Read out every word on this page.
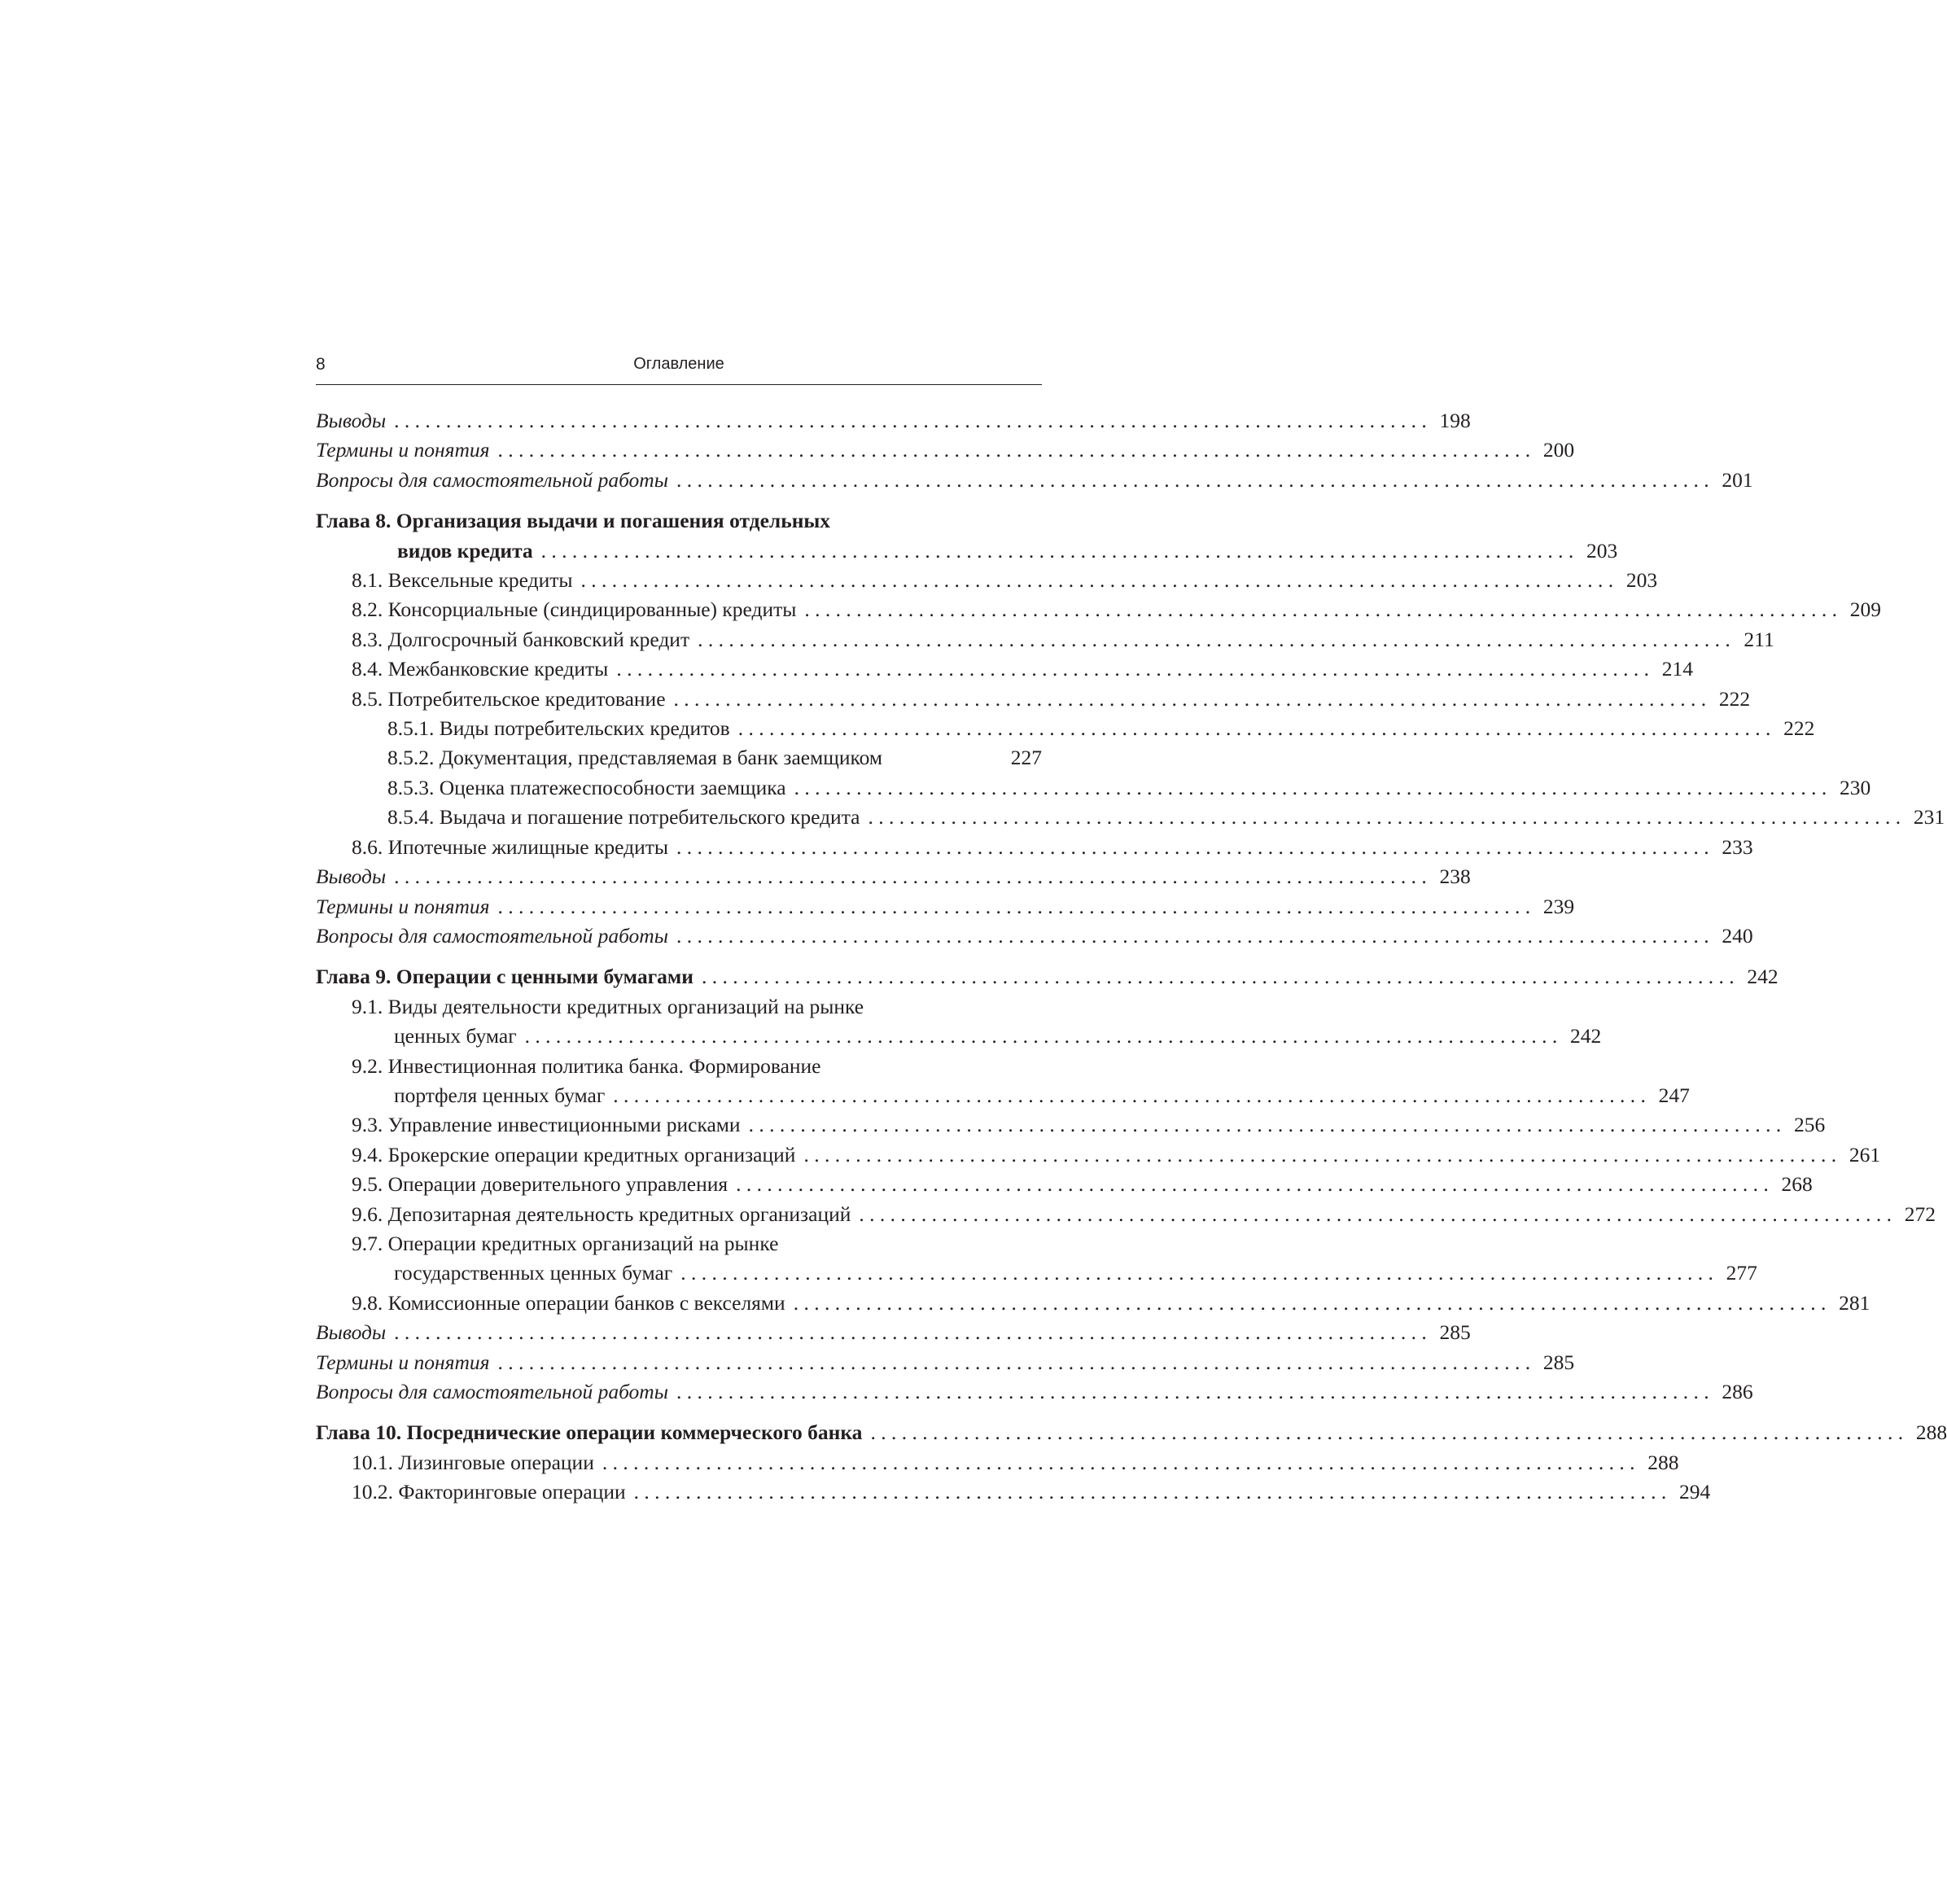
8	Оглавление
Выводы . . . . . . . . . . . . . . . . . . . . . . . . . . . . . . . . . . . . . . . . . . . . . . . . . . . . . . . . . . . . . . . . . . . . . . . . . . . . . . . . . . . . . . . . . . . . . . . . . . . . 198
Термины и понятия . . . . . . . . . . . . . . . . . . . . . . . . . . . . . . . . . . . . . . . . . . . . . . . . . . . . . . . . . . . . . . . . . . . . . . . . . . . . . . . . . . . . . . . . . . . . . . . . . . . . 200
Вопросы для самостоятельной работы . . . . . . . . . . . . . . . . . . . . . . . . . . . . . . . . . . . . . . . . . . . . . . . . . . . . . . . . . . . . . . . . . . . . . . . . . . . . . . . . . . . . . . . . . . . . . . . . . . . . 201
Глава 8. Организация выдачи и погашения отдельных
видов кредита . . . . . . . . . . . . . . . . . . . . . . . . . . . . . . . . . . . . . . . . . . . . . . . . . . . . . . . . . . . . . . . . . . . . . . . . . . . . . . . . . . . . . . . . . . . . . . . . . . . . 203
8.1. Вексельные кредиты . . . . . . . . . . . . . . . . . . . . . . . . . . . . . . . . . . . . . . . . . . . . . . . . . . . . . . . . . . . . . . . . . . . . . . . . . . . . . . . . . . . . . . . . . . . . . . . . . . . . 203
8.2. Консорциальные (синдицированные) кредиты . . . . . . . . . . . . . . . . . . . . . . . . . . . . . . . . . . . . . . . . . . . . . . . . . . . . . . . . . . . . . . . . . . . . . . . . . . . . . . . . . . . . . . . . . . . . . . . . . . . . 209
8.3. Долгосрочный банковский кредит . . . . . . . . . . . . . . . . . . . . . . . . . . . . . . . . . . . . . . . . . . . . . . . . . . . . . . . . . . . . . . . . . . . . . . . . . . . . . . . . . . . . . . . . . . . . . . . . . . . . 211
8.4. Межбанковские кредиты . . . . . . . . . . . . . . . . . . . . . . . . . . . . . . . . . . . . . . . . . . . . . . . . . . . . . . . . . . . . . . . . . . . . . . . . . . . . . . . . . . . . . . . . . . . . . . . . . . . . 214
8.5. Потребительское кредитование . . . . . . . . . . . . . . . . . . . . . . . . . . . . . . . . . . . . . . . . . . . . . . . . . . . . . . . . . . . . . . . . . . . . . . . . . . . . . . . . . . . . . . . . . . . . . . . . . . . . 222
8.5.1. Виды потребительских кредитов . . . . . . . . . . . . . . . . . . . . . . . . . . . . . . . . . . . . . . . . . . . . . . . . . . . . . . . . . . . . . . . . . . . . . . . . . . . . . . . . . . . . . . . . . . . . . . . . . . . . 222
8.5.2. Документация, представляемая в банк заемщиком	227
8.5.3. Оценка платежеспособности заемщика . . . . . . . . . . . . . . . . . . . . . . . . . . . . . . . . . . . . . . . . . . . . . . . . . . . . . . . . . . . . . . . . . . . . . . . . . . . . . . . . . . . . . . . . . . . . . . . . . . . . 230
8.5.4. Выдача и погашение потребительского кредита . . . . . . . . . . . . . . . . . . . . . . . . . . . . . . . . . . . . . . . . . . . . . . . . . . . . . . . . . . . . . . . . . . . . . . . . . . . . . . . . . . . . . . . . . . . . . . . . . . . . 231
8.6. Ипотечные жилищные кредиты . . . . . . . . . . . . . . . . . . . . . . . . . . . . . . . . . . . . . . . . . . . . . . . . . . . . . . . . . . . . . . . . . . . . . . . . . . . . . . . . . . . . . . . . . . . . . . . . . . . . 233
Выводы . . . . . . . . . . . . . . . . . . . . . . . . . . . . . . . . . . . . . . . . . . . . . . . . . . . . . . . . . . . . . . . . . . . . . . . . . . . . . . . . . . . . . . . . . . . . . . . . . . . . 238
Термины и понятия . . . . . . . . . . . . . . . . . . . . . . . . . . . . . . . . . . . . . . . . . . . . . . . . . . . . . . . . . . . . . . . . . . . . . . . . . . . . . . . . . . . . . . . . . . . . . . . . . . . . 239
Вопросы для самостоятельной работы . . . . . . . . . . . . . . . . . . . . . . . . . . . . . . . . . . . . . . . . . . . . . . . . . . . . . . . . . . . . . . . . . . . . . . . . . . . . . . . . . . . . . . . . . . . . . . . . . . . . 240
Глава 9. Операции с ценными бумагами . . . . . . . . . . . . . . . . . . . . . . . . . . . . . . . . . . . . . . . . . . . . . . . . . . . . . . . . . . . . . . . . . . . . . . . . . . . . . . . . . . . . . . . . . . . . . . . . . . . . 242
9.1. Виды деятельности кредитных организаций на рынке
ценных бумаг . . . . . . . . . . . . . . . . . . . . . . . . . . . . . . . . . . . . . . . . . . . . . . . . . . . . . . . . . . . . . . . . . . . . . . . . . . . . . . . . . . . . . . . . . . . . . . . . . . . . 242
9.2. Инвестиционная политика банка. Формирование
портфеля ценных бумаг . . . . . . . . . . . . . . . . . . . . . . . . . . . . . . . . . . . . . . . . . . . . . . . . . . . . . . . . . . . . . . . . . . . . . . . . . . . . . . . . . . . . . . . . . . . . . . . . . . . . 247
9.3. Управление инвестиционными рисками . . . . . . . . . . . . . . . . . . . . . . . . . . . . . . . . . . . . . . . . . . . . . . . . . . . . . . . . . . . . . . . . . . . . . . . . . . . . . . . . . . . . . . . . . . . . . . . . . . . . 256
9.4. Брокерские операции кредитных организаций . . . . . . . . . . . . . . . . . . . . . . . . . . . . . . . . . . . . . . . . . . . . . . . . . . . . . . . . . . . . . . . . . . . . . . . . . . . . . . . . . . . . . . . . . . . . . . . . . . . . 261
9.5. Операции доверительного управления . . . . . . . . . . . . . . . . . . . . . . . . . . . . . . . . . . . . . . . . . . . . . . . . . . . . . . . . . . . . . . . . . . . . . . . . . . . . . . . . . . . . . . . . . . . . . . . . . . . . 268
9.6. Депозитарная деятельность кредитных организаций . . . . . . . . . . . . . . . . . . . . . . . . . . . . . . . . . . . . . . . . . . . . . . . . . . . . . . . . . . . . . . . . . . . . . . . . . . . . . . . . . . . . . . . . . . . . . . . . . . . . 272
9.7. Операции кредитных организаций на рынке
государственных ценных бумаг . . . . . . . . . . . . . . . . . . . . . . . . . . . . . . . . . . . . . . . . . . . . . . . . . . . . . . . . . . . . . . . . . . . . . . . . . . . . . . . . . . . . . . . . . . . . . . . . . . . . 277
9.8. Комиссионные операции банков с векселями . . . . . . . . . . . . . . . . . . . . . . . . . . . . . . . . . . . . . . . . . . . . . . . . . . . . . . . . . . . . . . . . . . . . . . . . . . . . . . . . . . . . . . . . . . . . . . . . . . . . 281
Выводы . . . . . . . . . . . . . . . . . . . . . . . . . . . . . . . . . . . . . . . . . . . . . . . . . . . . . . . . . . . . . . . . . . . . . . . . . . . . . . . . . . . . . . . . . . . . . . . . . . . . 285
Термины и понятия . . . . . . . . . . . . . . . . . . . . . . . . . . . . . . . . . . . . . . . . . . . . . . . . . . . . . . . . . . . . . . . . . . . . . . . . . . . . . . . . . . . . . . . . . . . . . . . . . . . . 285
Вопросы для самостоятельной работы . . . . . . . . . . . . . . . . . . . . . . . . . . . . . . . . . . . . . . . . . . . . . . . . . . . . . . . . . . . . . . . . . . . . . . . . . . . . . . . . . . . . . . . . . . . . . . . . . . . . 286
Глава 10. Посреднические операции коммерческого банка . . . . . . . . . . . . . . . . . . . . . . . . . . . . . . . . . . . . . . . . . . . . . . . . . . . . . . . . . . . . . . . . . . . . . . . . . . . . . . . . . . . . . . . . . . . . . . . . . . . . 288
10.1. Лизинговые операции . . . . . . . . . . . . . . . . . . . . . . . . . . . . . . . . . . . . . . . . . . . . . . . . . . . . . . . . . . . . . . . . . . . . . . . . . . . . . . . . . . . . . . . . . . . . . . . . . . . . 288
10.2. Факторинговые операции . . . . . . . . . . . . . . . . . . . . . . . . . . . . . . . . . . . . . . . . . . . . . . . . . . . . . . . . . . . . . . . . . . . . . . . . . . . . . . . . . . . . . . . . . . . . . . . . . . . . 294
